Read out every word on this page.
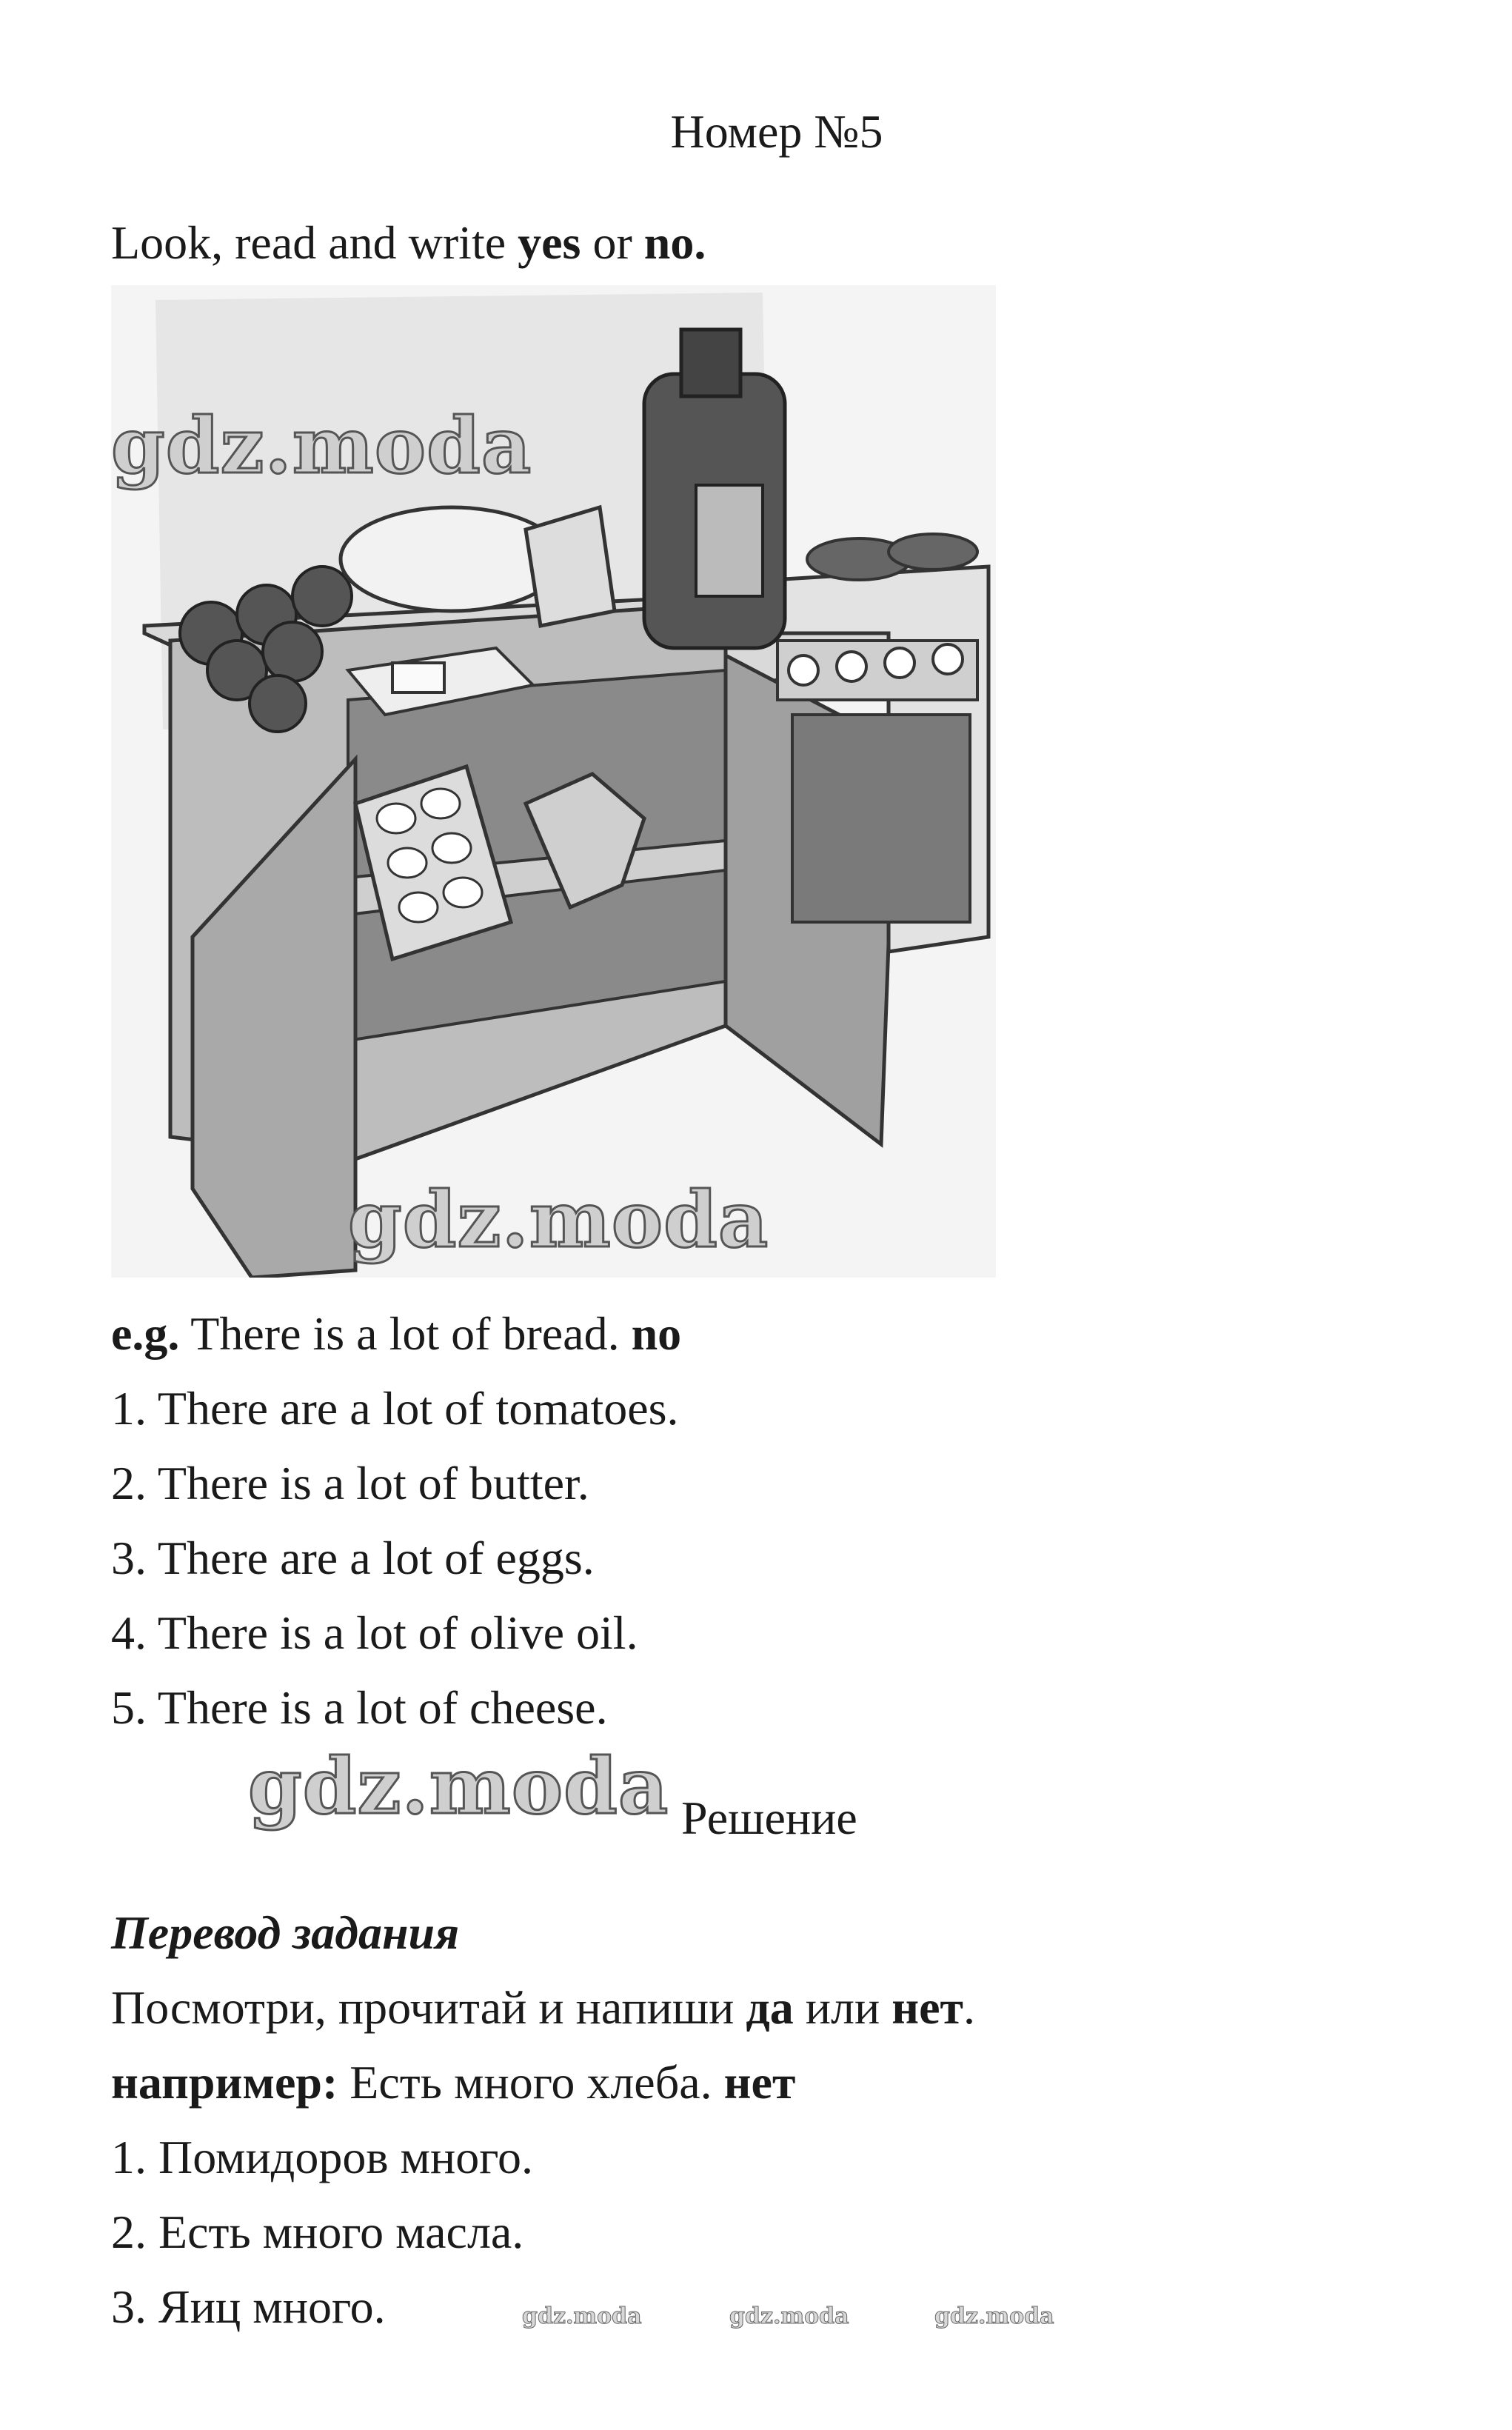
Номер №5
Look, read and write yes or no.
gdz.moda
gdz.moda
e.g. There is a lot of bread. no
1. There are a lot of tomatoes.
2. There is a lot of butter.
3. There are a lot of eggs.
4. There is a lot of olive oil.
5. There is a lot of cheese.
gdz.moda Решение
Перевод задания
Посмотри, прочитай и напиши да или нет.
например: Есть много хлеба. нет
1. Помидоров много.
2. Есть много масла.
3. Яиц много.	gdz.moda	gdz.moda	gdz.moda
